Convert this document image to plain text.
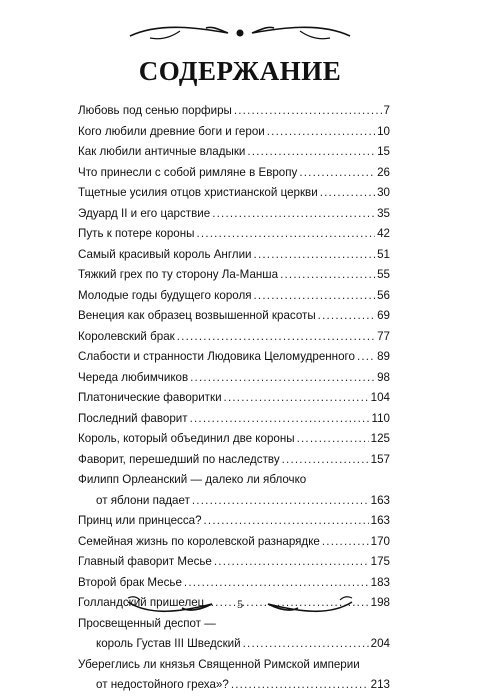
СОДЕРЖАНИЕ
Любовь под сенью порфиры .....	7
Кого любили древние боги и герои .....	10
Как любили античные владыки .....	15
Что принесли с собой римляне в Европу .....	26
Тщетные усилия отцов христианской церкви .....	30
Эдуард II и его царствие .....	35
Путь к потере короны .....	42
Самый красивый король Англии .....	51
Тяжкий грех по ту сторону Ла-Манша .....	55
Молодые годы будущего короля .....	56
Венеция как образец возвышенной красоты .....	69
Королевский брак .....	77
Слабости и странности Людовика Целомудренного ..... 89
Череда любимчиков .....	98
Платонические фаворитки .....	104
Последний фаворит .....	110
Король, который объединил две короны .....	125
Фаворит, перешедший по наследству .....	157
Филипп Орлеанский — далеко ли яблочко
от яблони падает .....	163
Принц или принцесса? .....	163
Семейная жизнь по королевской разнарядке .....	170
Главный фаворит Месье .....	175
Второй брак Месье .....	183
Голландский пришелец .....	198
Просвещенный деспот —
король Густав III Шведский .....	204
Уберeглись ли князья Священной Римской империи
от недостойного греха»? .....	213
5
